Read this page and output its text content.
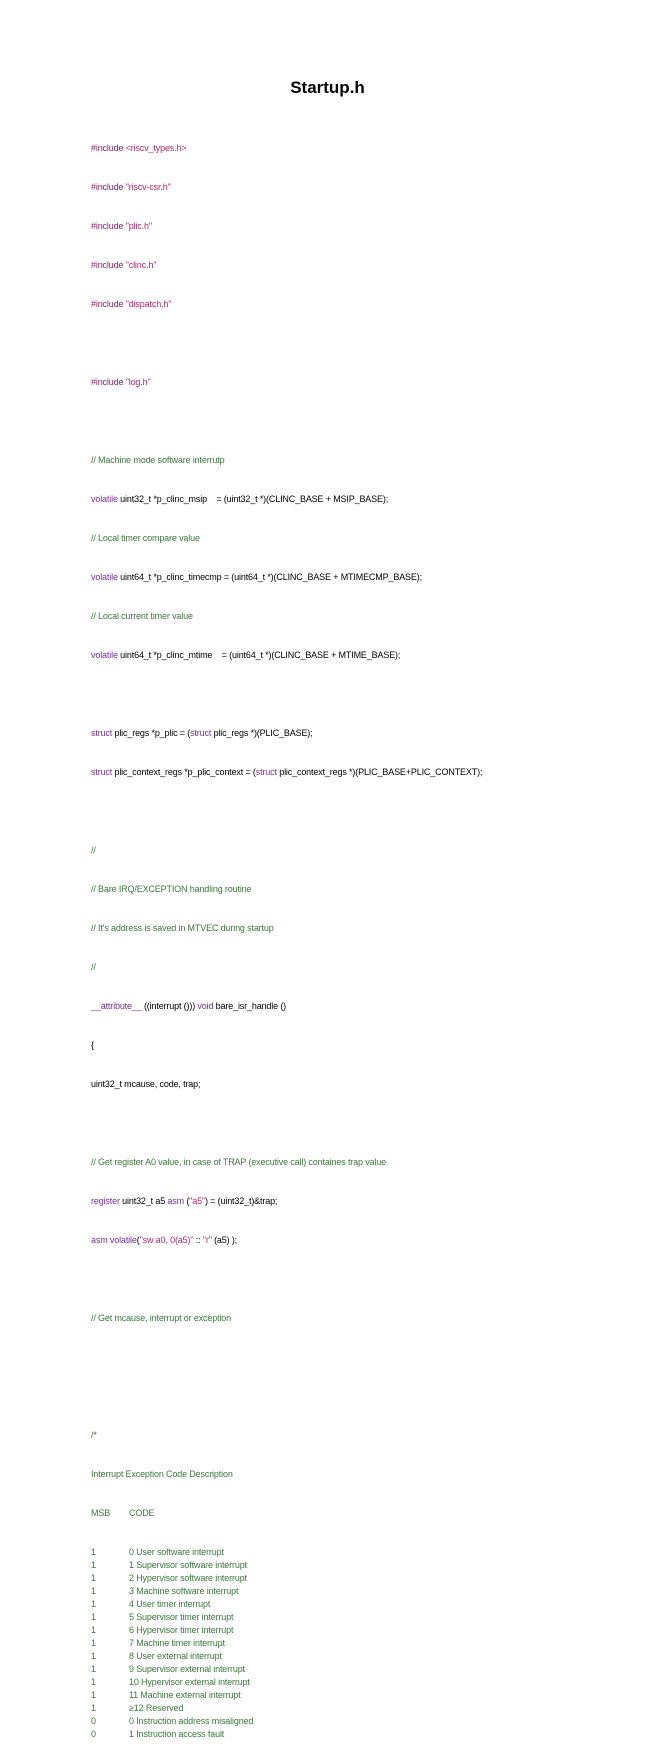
Startup.h

#include <riscv_types.h>

#include "riscv-csr.h"

#include "plic.h"

#include "clinc.h"

#include "dispatch.h"

#include "log.h"

// Machine mode software interrutp

volatile uint32_t *p_clinc_msip    = (uint32_t *)(CLINC_BASE + MSIP_BASE);

// Local timer compare value

volatile uint64_t *p_clinc_timecmp = (uint64_t *)(CLINC_BASE + MTIMECMP_BASE);

// Local current timer value

volatile uint64_t *p_clinc_mtime    = (uint64_t *)(CLINC_BASE + MTIME_BASE);

struct plic_regs *p_plic = (struct plic_regs *)(PLIC_BASE);

struct plic_context_regs *p_plic_context = (struct plic_context_regs *)(PLIC_BASE+PLIC_CONTEXT);

//

// Bare IRQ/EXCEPTION handling routine

// It's address is saved in MTVEC during startup

//

__attribute__ ((interrupt ())) void bare_isr_handle ()

{

uint32_t mcause, code, trap;

// Get register A0 value, in case of TRAP (executive call) containes trap value

register uint32_t a5 asm ("a5") = (uint32_t)&trap;

asm volatile("sw a0, 0(a5)" :: "r" (a5) );

// Get mcause, interrupt or exception

/*

Interrupt Exception Code Description

MSB CODE

1	0 User software interrupt
1	1 Supervisor software interrupt
1	2 Hypervisor software interrupt
1	3 Machine software interrupt
1	4 User timer interrupt
1	5 Supervisor timer interrupt
1	6 Hypervisor timer interrupt
1	7 Machine timer interrupt
1	8 User external interrupt
1	9 Supervisor external interrupt
1	10 Hypervisor external interrupt
1	11 Machine external interrupt
1	≥12 Reserved
0	0 Instruction address misaligned
0	1 Instruction access fault
